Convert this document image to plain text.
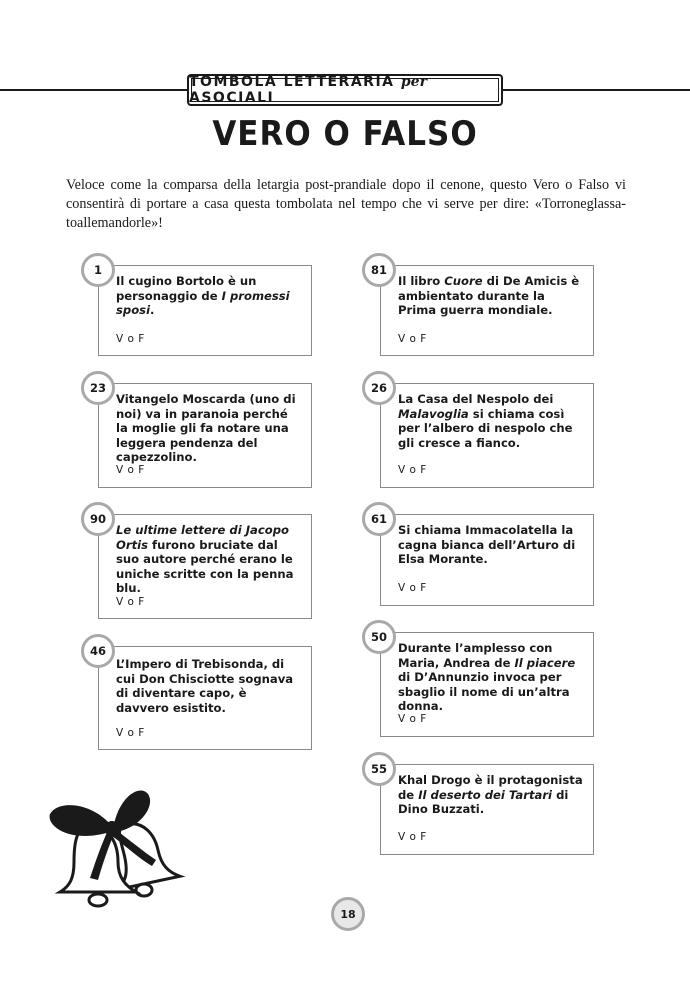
TOMBOLA LETTERARIA per ASOCIALI
VERO O FALSO
Veloce come la comparsa della letargia post-prandiale dopo il cenone, questo Vero o Falso vi consentirà di portare a casa questa tombolata nel tempo che vi serve per dire: «Torroneglassa-toallemandorle»!
Il cugino Bortolo è un personaggio de I promessi sposi.
V o F
1
Vitangelo Moscarda (uno di noi) va in paranoia perché la moglie gli fa notare una leggera pendenza del capezzolino.
V o F
23
Le ultime lettere di Jacopo Ortis furono bruciate dal suo autore perché erano le uniche scritte con la penna blu.
V o F
90
L’Impero di Trebisonda, di cui Don Chisciotte sognava di diventare capo, è davvero esistito.
V o F
46
Il libro Cuore di De Amicis è ambientato durante la Prima guerra mondiale.
V o F
81
La Casa del Nespolo dei Malavoglia si chiama così per l’albero di nespolo che gli cresce a fianco.
V o F
26
Si chiama Immacolatella la cagna bianca dell’Arturo di Elsa Morante.
V o F
61
Durante l’amplesso con Maria, Andrea de Il piacere di D’Annunzio invoca per sbaglio il nome di un’altra donna.
V o F
50
Khal Drogo è il protagonista de Il deserto dei Tartari di Dino Buzzati.
V o F
55
18
